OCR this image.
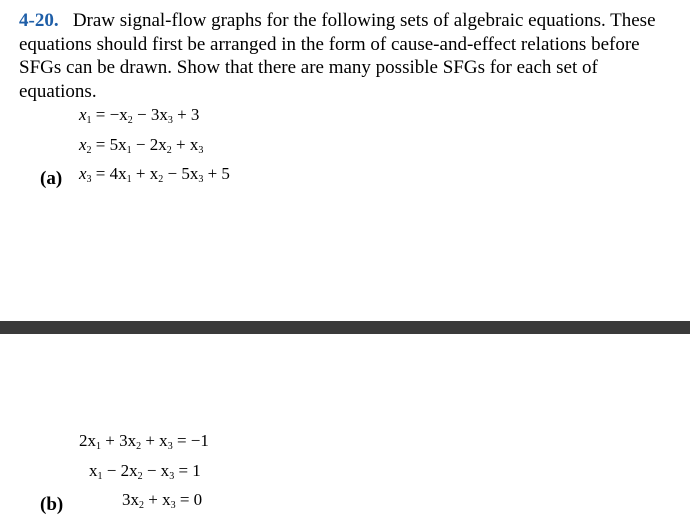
4-20. Draw signal-flow graphs for the following sets of algebraic equations. These equations should first be arranged in the form of cause-and-effect relations before SFGs can be drawn. Show that there are many possible SFGs for each set of equations.
$x_1 = -x_2 - 3x_3 + 3$
$x_2 = 5x_1 - 2x_2 + x_3$
(a) $x_3 = 4x_1 + x_2 - 5x_3 + 5$
$2x_1 + 3x_2 + x_3 = -1$
$x_1 - 2x_2 - x_3 = 1$
(b)	$3x_2 + x_3 = 0$
